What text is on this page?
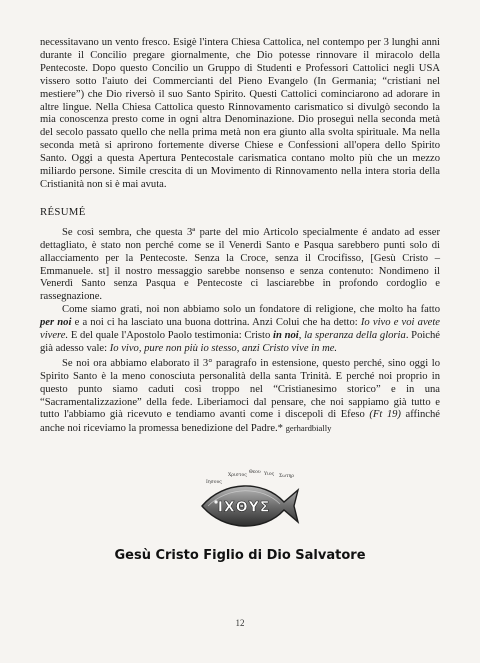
necessitavano un vento fresco. Esigè l'intera Chiesa Cattolica, nel contempo per 3 lunghi anni durante il Concilio pregare giornalmente, che Dio potesse rinnovare il miracolo della Pentecoste. Dopo questo Concilio un Gruppo di Studenti e Professori Cattolici negli USA vissero sotto l'aiuto dei Commercianti del Pieno Evangelo (In Germania; “cristiani nel mestiere”) che Dio riversò il suo Santo Spirito. Questi Cattolici cominciarono ad adorare in altre lingue. Nella Chiesa Cattolica questo Rinnovamento carismatico si divulgò secondo la mia conoscenza presto come in ogni altra Denominazione. Dio proseguì nella seconda metà del secolo passato quello che nella prima metà non era giunto alla svolta spirituale. Ma nella seconda metà si aprirono fortemente diverse Chiese e Confessioni all'opera dello Spirito Santo. Oggi a questa Apertura Pentecostale carismatica contano molto più che un mezzo miliardo persone. Simile crescita di un Movimento di Rinnovamento nella intera storia della Cristianità non si è mai avuta.

RÉSUMÉ

Se così sembra, che questa 3ª parte del mio Articolo specialmente é andato ad esser dettagliato, è stato non perché come se il Venerdì Santo e Pasqua sarebbero punti solo di allacciamento per la Pentecoste. Senza la Croce, senza il Crocifisso, [Gesù Cristo – Emmanuele. st] il nostro messaggio sarebbe nonsenso e senza contenuto: Nondimeno il Venerdì Santo senza Pasqua e Pentecoste ci lasciarebbe in profondo cordoglio e rassegnazione.

Come siamo grati, noi non abbiamo solo un fondatore di religione, che molto ha fatto per noi e a noi ci ha lasciato una buona dottrina. Anzi Colui che ha detto: Io vivo e voi avete vivere. E del quale l'Apostolo Paolo testimonia: Cristo in noi, la speranza della gloria. Poiché già adesso vale: Io vivo, pure non più io stesso, anzi Cristo vive in me.

Se noi ora abbiamo elaborato il 3° paragrafo in estensione, questo perché, sino oggi lo Spirito Santo è la meno conosciuta personalità della santa Trinità. E perché noi proprio in questo punto siamo caduti così troppo nel “Cristianesimo storico” e in una “Sacramentalizzazione” della fede. Liberiamoci dal pensare, che noi sappiamo già tutto e tutto l'abbiamo già ricevuto e tendiamo avanti come i discepoli di Efeso (Ft 19) affinché anche noi riceviamo la promessa benedizione del Padre.* gerhardbially

Χριστος
Θεου Υιος Σωτηρ
Ιησους
ΙΧΘΥΣ
Gesù Cristo Figlio di Dio Salvatore
12
